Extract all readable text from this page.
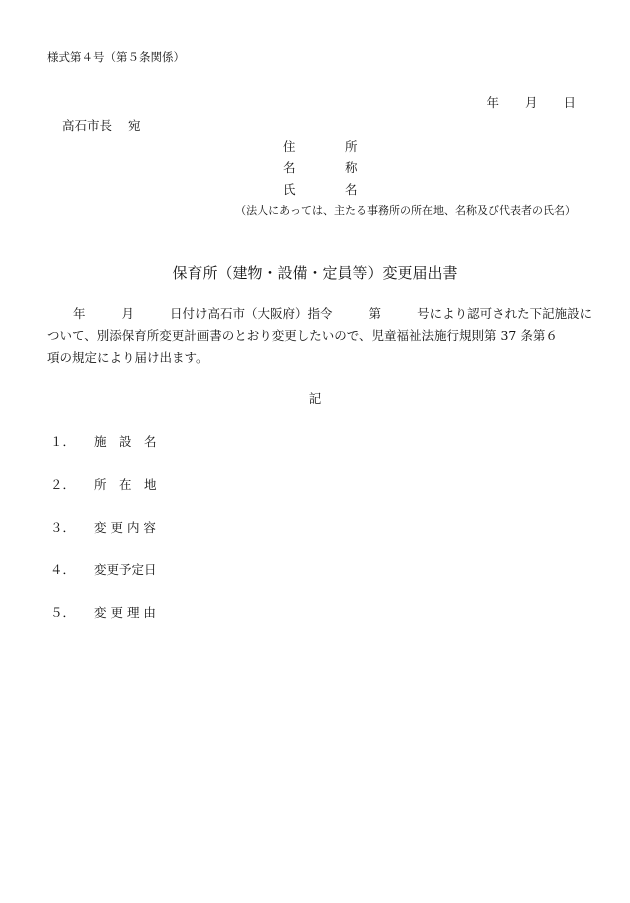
様式第４号（第５条関係）
年 月 日
高石市長 宛
住	所
名	称
氏	名
（法人にあっては、主たる事務所の所在地、名称及び代表者の氏名）
保育所（建物・設備・定員等）変更届出書
年	月	日付け高石市（大阪府）指令	第	号により認可された下記施設に
ついて、別添保育所変更計画書のとおり変更したいので、児童福祉法施行規則第 37 条第６
項の規定により届け出ます。
記
１． 施　設　名
２． 所　在　地
３． 変 更 内 容
４． 変更予定日
５． 変 更 理 由
